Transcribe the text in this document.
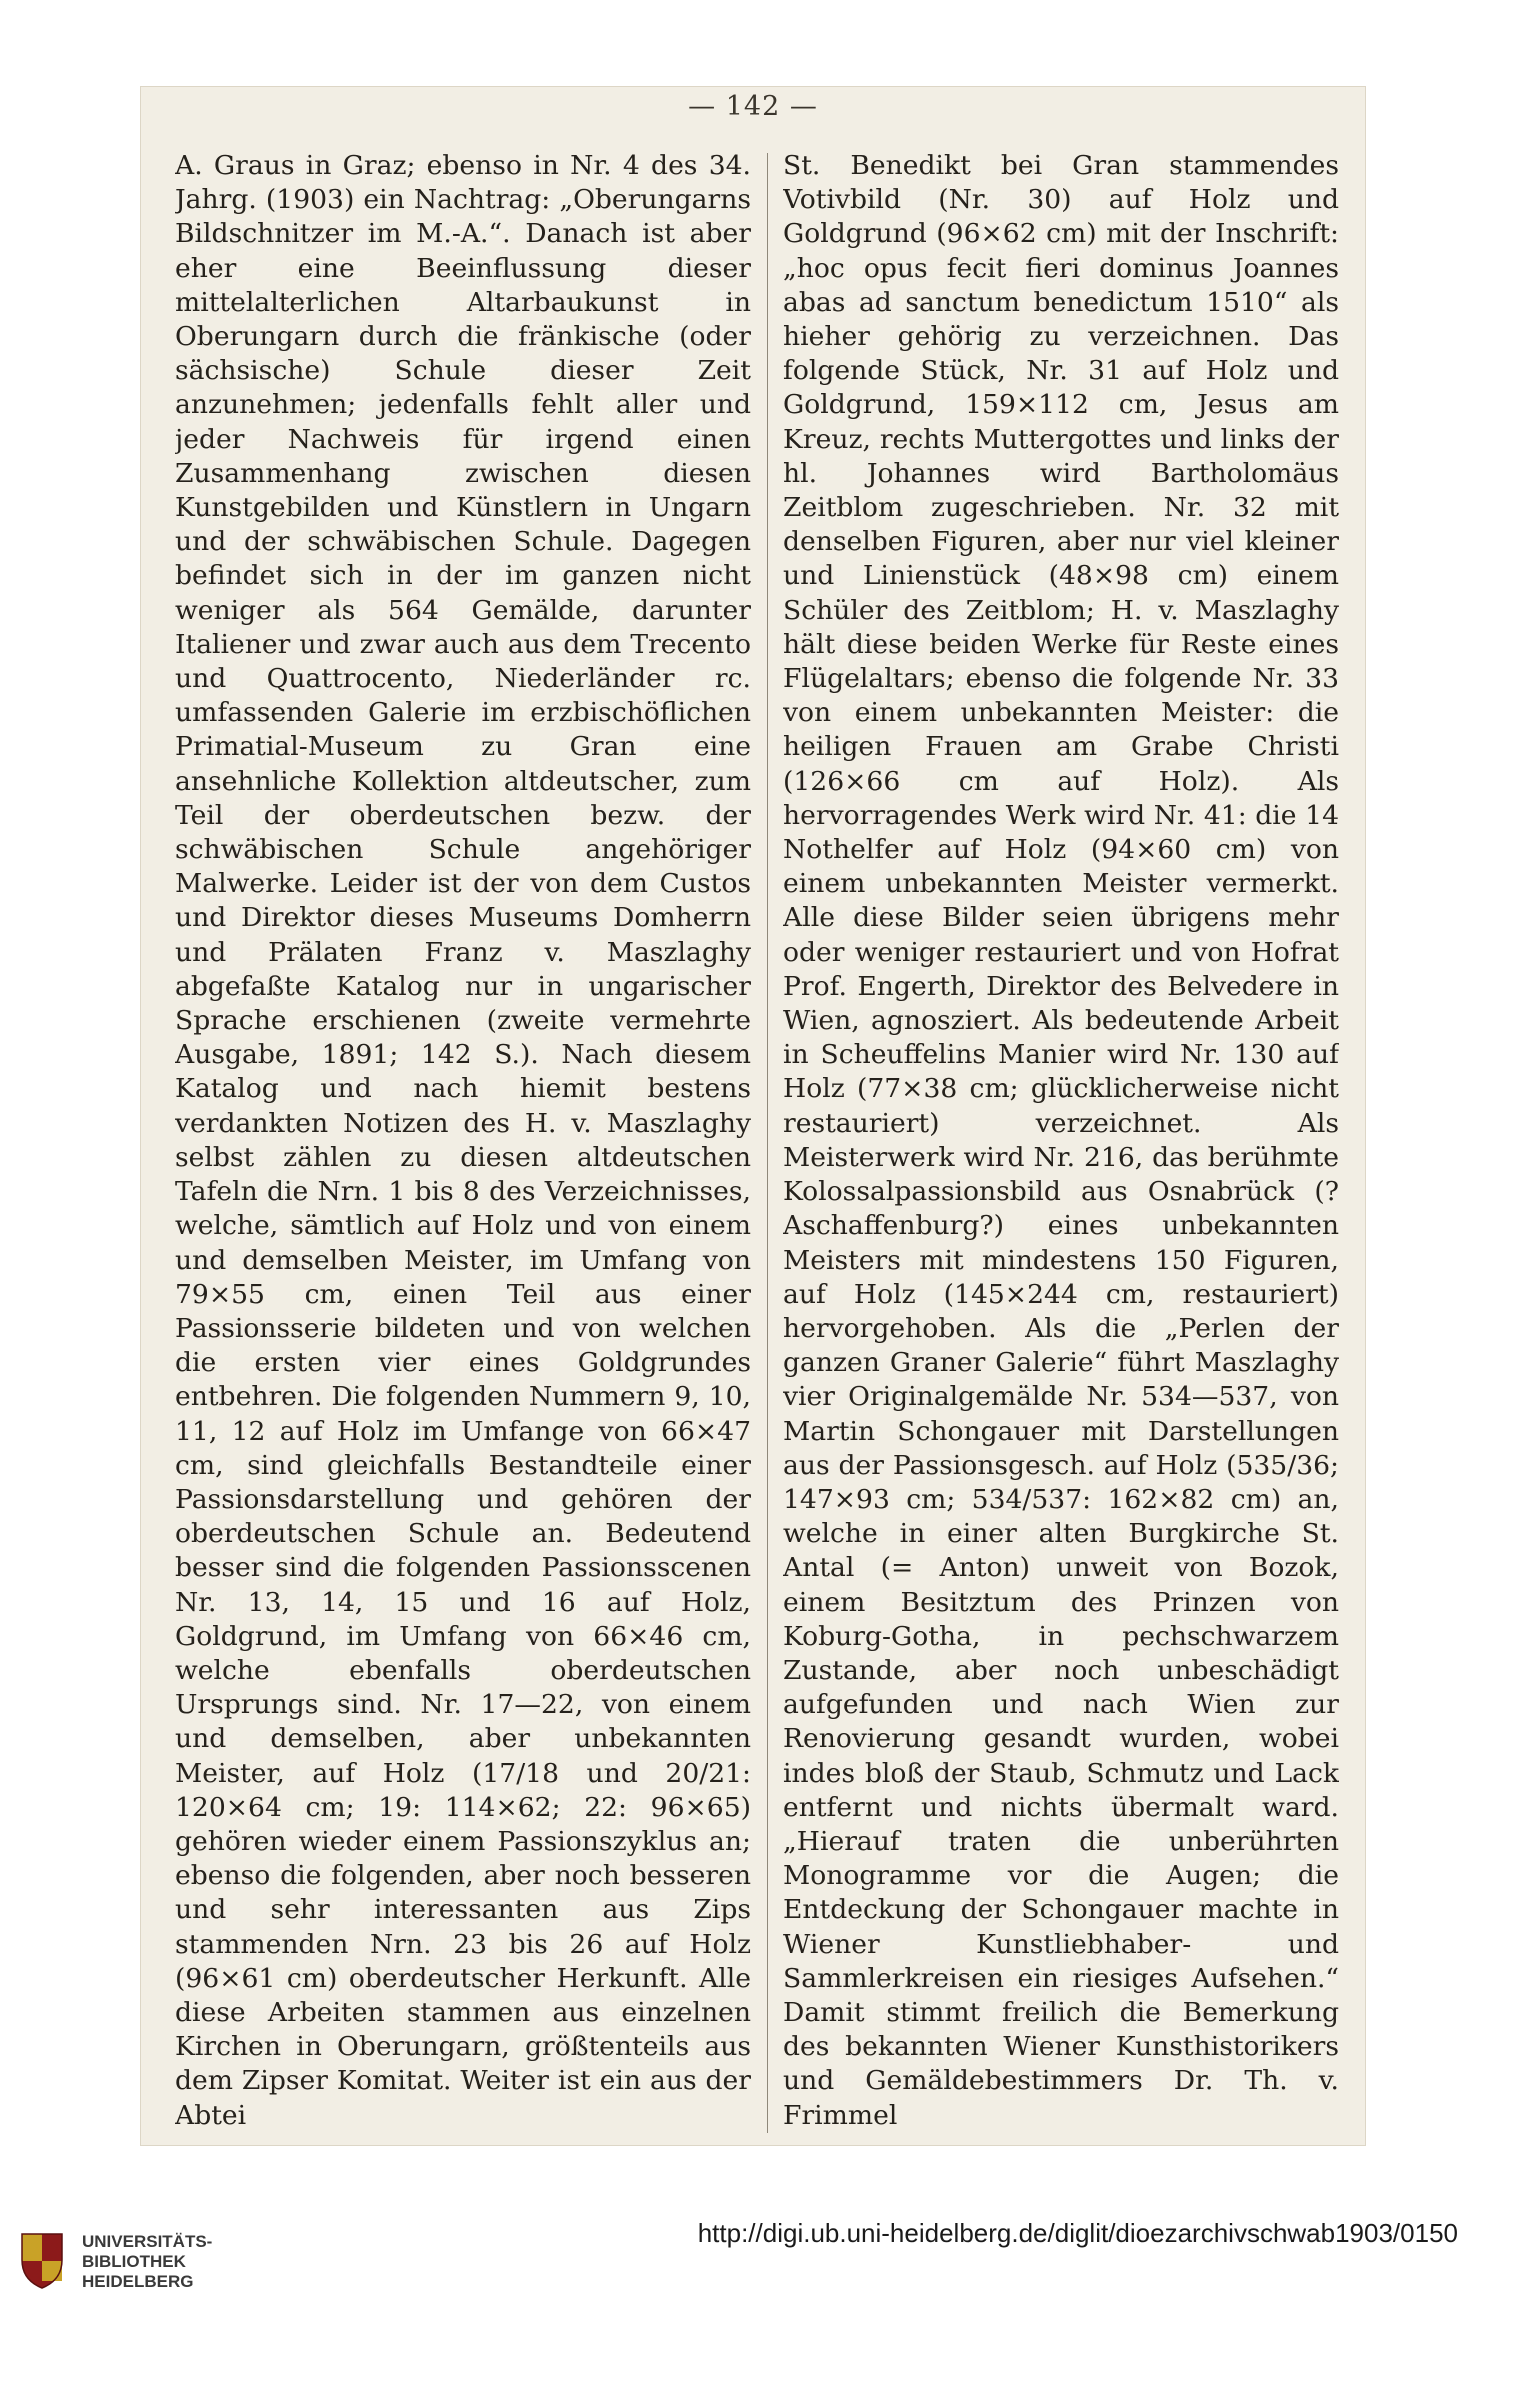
— 142 —

A. Graus in Graz; ebenso in Nr. 4 des 34. Jahrg. (1903) ein Nachtrag: „Oberungarns Bildschnitzer im M.-A.“. Danach ist aber eher eine Beeinflussung dieser mittelalterlichen Altarbaukunst in Oberungarn durch die fränkische (oder sächsische) Schule dieser Zeit anzunehmen; jedenfalls fehlt aller und jeder Nachweis für irgend einen Zusammenhang zwischen diesen Kunstgebilden und Künstlern in Ungarn und der schwäbischen Schule. Dagegen befindet sich in der im ganzen nicht weniger als 564 Gemälde, darunter Italiener und zwar auch aus dem Trecento und Quattrocento, Niederländer rc. umfassenden Galerie im erzbischöflichen Primatial-Museum zu Gran eine ansehnliche Kollektion altdeutscher, zum Teil der oberdeutschen bezw. der schwäbischen Schule angehöriger Malwerke. Leider ist der von dem Custos und Direktor dieses Museums Domherrn und Prälaten Franz v. Maszlaghy abgefaßte Katalog nur in ungarischer Sprache erschienen (zweite vermehrte Ausgabe, 1891; 142 S.). Nach diesem Katalog und nach hiemit bestens verdankten Notizen des H. v. Maszlaghy selbst zählen zu diesen altdeutschen Tafeln die Nrn. 1 bis 8 des Verzeichnisses, welche, sämtlich auf Holz und von einem und demselben Meister, im Umfang von 79×55 cm, einen Teil aus einer Passionsserie bildeten und von welchen die ersten vier eines Goldgrundes entbehren. Die folgenden Nummern 9, 10, 11, 12 auf Holz im Umfange von 66×47 cm, sind gleichfalls Bestandteile einer Passionsdarstellung und gehören der oberdeutschen Schule an. Bedeutend besser sind die folgenden Passionsscenen Nr. 13, 14, 15 und 16 auf Holz, Goldgrund, im Umfang von 66×46 cm, welche ebenfalls oberdeutschen Ursprungs sind. Nr. 17—22, von einem und demselben, aber unbekannten Meister, auf Holz (17/18 und 20/21: 120×64 cm; 19: 114×62; 22: 96×65) gehören wieder einem Passionszyklus an; ebenso die folgenden, aber noch besseren und sehr interessanten aus Zips stammenden Nrn. 23 bis 26 auf Holz (96×61 cm) oberdeutscher Herkunft. Alle diese Arbeiten stammen aus einzelnen Kirchen in Oberungarn, größtenteils aus dem Zipser Komitat. Weiter ist ein aus der Abtei

St. Benedikt bei Gran stammendes Votivbild (Nr. 30) auf Holz und Goldgrund (96×62 cm) mit der Inschrift: „hoc opus fecit fieri dominus Joannes abas ad sanctum benedictum 1510“ als hieher gehörig zu verzeichnen. Das folgende Stück, Nr. 31 auf Holz und Goldgrund, 159×112 cm, Jesus am Kreuz, rechts Muttergottes und links der hl. Johannes wird Bartholomäus Zeitblom zugeschrieben. Nr. 32 mit denselben Figuren, aber nur viel kleiner und Linienstück (48×98 cm) einem Schüler des Zeitblom; H. v. Maszlaghy hält diese beiden Werke für Reste eines Flügelaltars; ebenso die folgende Nr. 33 von einem unbekannten Meister: die heiligen Frauen am Grabe Christi (126×66 cm auf Holz). Als hervorragendes Werk wird Nr. 41: die 14 Nothelfer auf Holz (94×60 cm) von einem unbekannten Meister vermerkt. Alle diese Bilder seien übrigens mehr oder weniger restauriert und von Hofrat Prof. Engerth, Direktor des Belvedere in Wien, agnosziert. Als bedeutende Arbeit in Scheuffelins Manier wird Nr. 130 auf Holz (77×38 cm; glücklicherweise nicht restauriert) verzeichnet. Als Meisterwerk wird Nr. 216, das berühmte Kolossalpassionsbild aus Osnabrück (? Aschaffenburg?) eines unbekannten Meisters mit mindestens 150 Figuren, auf Holz (145×244 cm, restauriert) hervorgehoben. Als die „Perlen der ganzen Graner Galerie“ führt Maszlaghy vier Originalgemälde Nr. 534—537, von Martin Schongauer mit Darstellungen aus der Passionsgesch. auf Holz (535/36; 147×93 cm; 534/537: 162×82 cm) an, welche in einer alten Burgkirche St. Antal (= Anton) unweit von Bozok, einem Besitztum des Prinzen von Koburg-Gotha, in pechschwarzem Zustande, aber noch unbeschädigt aufgefunden und nach Wien zur Renovierung gesandt wurden, wobei indes bloß der Staub, Schmutz und Lack entfernt und nichts übermalt ward. „Hierauf traten die unberührten Monogramme vor die Augen; die Entdeckung der Schongauer machte in Wiener Kunstliebhaber- und Sammlerkreisen ein riesiges Aufsehen.“ Damit stimmt freilich die Bemerkung des bekannten Wiener Kunsthistorikers und Gemäldebestimmers Dr. Th. v. Frimmel

UNIVERSITÄTS-
BIBLIOTHEK
HEIDELBERG
http://digi.ub.uni-heidelberg.de/diglit/dioezarchivschwab1903/0150
